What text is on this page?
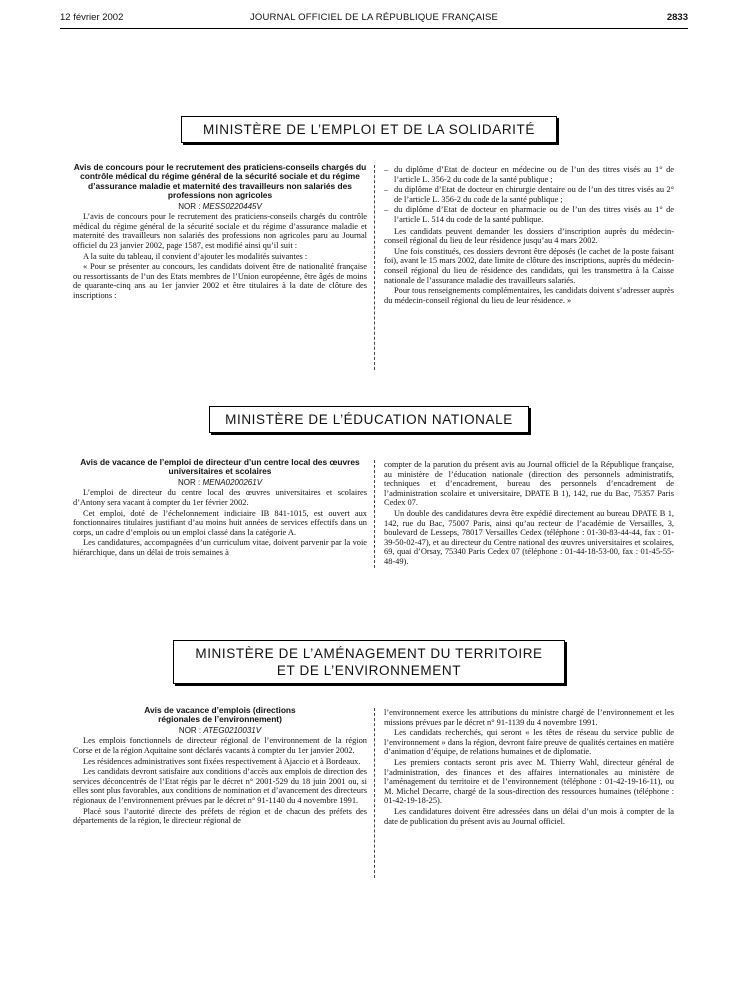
12 février 2002	JOURNAL OFFICIEL DE LA RÉPUBLIQUE FRANÇAISE	2833
MINISTÈRE DE L’EMPLOI ET DE LA SOLIDARITÉ

Avis de concours pour le recrutement des praticiens-conseils chargés du contrôle médical du régime général de la sécurité sociale et du régime d’assurance maladie et maternité des travailleurs non salariés des professions non agricoles

NOR : MESS0220445V

L’avis de concours pour le recrutement des praticiens-conseils chargés du contrôle médical du régime général de la sécurité sociale et du régime d’assurance maladie et maternité des travailleurs non salariés des professions non agricoles paru au Journal officiel du 23 janvier 2002, page 1587, est modifié ainsi qu’il suit :

A la suite du tableau, il convient d’ajouter les modalités suivantes :

« Pour se présenter au concours, les candidats doivent être de nationalité française ou ressortissants de l’un des Etats membres de l’Union européenne, être âgés de moins de quarante-cinq ans au 1er janvier 2002 et être titulaires à la date de clôture des inscriptions :

– du diplôme d’Etat de docteur en médecine ou de l’un des titres visés au 1° de l’article L. 356-2 du code de la santé publique ;
– du diplôme d’Etat de docteur en chirurgie dentaire ou de l’un des titres visés au 2° de l’article L. 356-2 du code de la santé publique ;
– du diplôme d’Etat de docteur en pharmacie ou de l’un des titres visés au 1° de l’article L. 514 du code de la santé publique.

Les candidats peuvent demander les dossiers d’inscription auprès du médecin-conseil régional du lieu de leur résidence jusqu’au 4 mars 2002.

Une fois constitués, ces dossiers devront être déposés (le cachet de la poste faisant foi), avant le 15 mars 2002, date limite de clôture des inscriptions, auprès du médecin-conseil régional du lieu de résidence des candidats, qui les transmettra à la Caisse nationale de l’assurance maladie des travailleurs salariés.

Pour tous renseignements complémentaires, les candidats doivent s’adresser auprès du médecin-conseil régional du lieu de leur résidence. »

MINISTÈRE DE L’ÉDUCATION NATIONALE

Avis de vacance de l’emploi de directeur d’un centre local des œuvres universitaires et scolaires

NOR : MENA0200261V

L’emploi de directeur du centre local des œuvres universitaires et scolaires d’Antony sera vacant à compter du 1er février 2002.

Cet emploi, doté de l’échelonnement indiciaire IB 841-1015, est ouvert aux fonctionnaires titulaires justifiant d’au moins huit années de services effectifs dans un corps, un cadre d’emplois ou un emploi classé dans la catégorie A.

Les candidatures, accompagnées d’un curriculum vitae, doivent parvenir par la voie hiérarchique, dans un délai de trois semaines à

compter de la parution du présent avis au Journal officiel de la République française, au ministère de l’éducation nationale (direction des personnels administratifs, techniques et d’encadrement, bureau des personnels d’encadrement de l’administration scolaire et universitaire, DPATE B 1), 142, rue du Bac, 75357 Paris Cedex 07.

Un double des candidatures devra être expédié directement au bureau DPATE B 1, 142, rue du Bac, 75007 Paris, ainsi qu’au recteur de l’académie de Versailles, 3, boulevard de Lesseps, 78017 Versailles Cedex (téléphone : 01-30-83-44-44, fax : 01-39-50-02-47), et au directeur du Centre national des œuvres universitaires et scolaires, 69, quai d’Orsay, 75340 Paris Cedex 07 (téléphone : 01-44-18-53-00, fax : 01-45-55-48-49).

MINISTÈRE DE L’AMÉNAGEMENT DU TERRITOIRE
ET DE L’ENVIRONNEMENT

Avis de vacance d’emplois (directions régionales de l’environnement)

NOR : ATEG0210031V

Les emplois fonctionnels de directeur régional de l’environnement de la région Corse et de la région Aquitaine sont déclarés vacants à compter du 1er janvier 2002.

Les résidences administratives sont fixées respectivement à Ajaccio et à Bordeaux.

Les candidats devront satisfaire aux conditions d’accès aux emplois de direction des services déconcentrés de l’Etat régis par le décret n° 2001-529 du 18 juin 2001 ou, si elles sont plus favorables, aux conditions de nomination et d’avancement des directeurs régionaux de l’environnement prévues par le décret n° 91-1140 du 4 novembre 1991.

Placé sous l’autorité directe des préfets de région et de chacun des préfets des départements de la région, le directeur régional de

l’environnement exerce les attributions du ministre chargé de l’environnement et les missions prévues par le décret n° 91-1139 du 4 novembre 1991.

Les candidats recherchés, qui seront « les têtes de réseau du service public de l’environnement » dans la région, devront faire preuve de qualités certaines en matière d’animation d’équipe, de relations humaines et de diplomatie.

Les premiers contacts seront pris avec M. Thierry Wahl, directeur général de l’administration, des finances et des affaires internationales au ministère de l’aménagement du territoire et de l’environnement (téléphone : 01-42-19-16-11), ou M. Michel Decarre, chargé de la sous-direction des ressources humaines (téléphone : 01-42-19-18-25).

Les candidatures doivent être adressées dans un délai d’un mois à compter de la date de publication du présent avis au Journal officiel.
